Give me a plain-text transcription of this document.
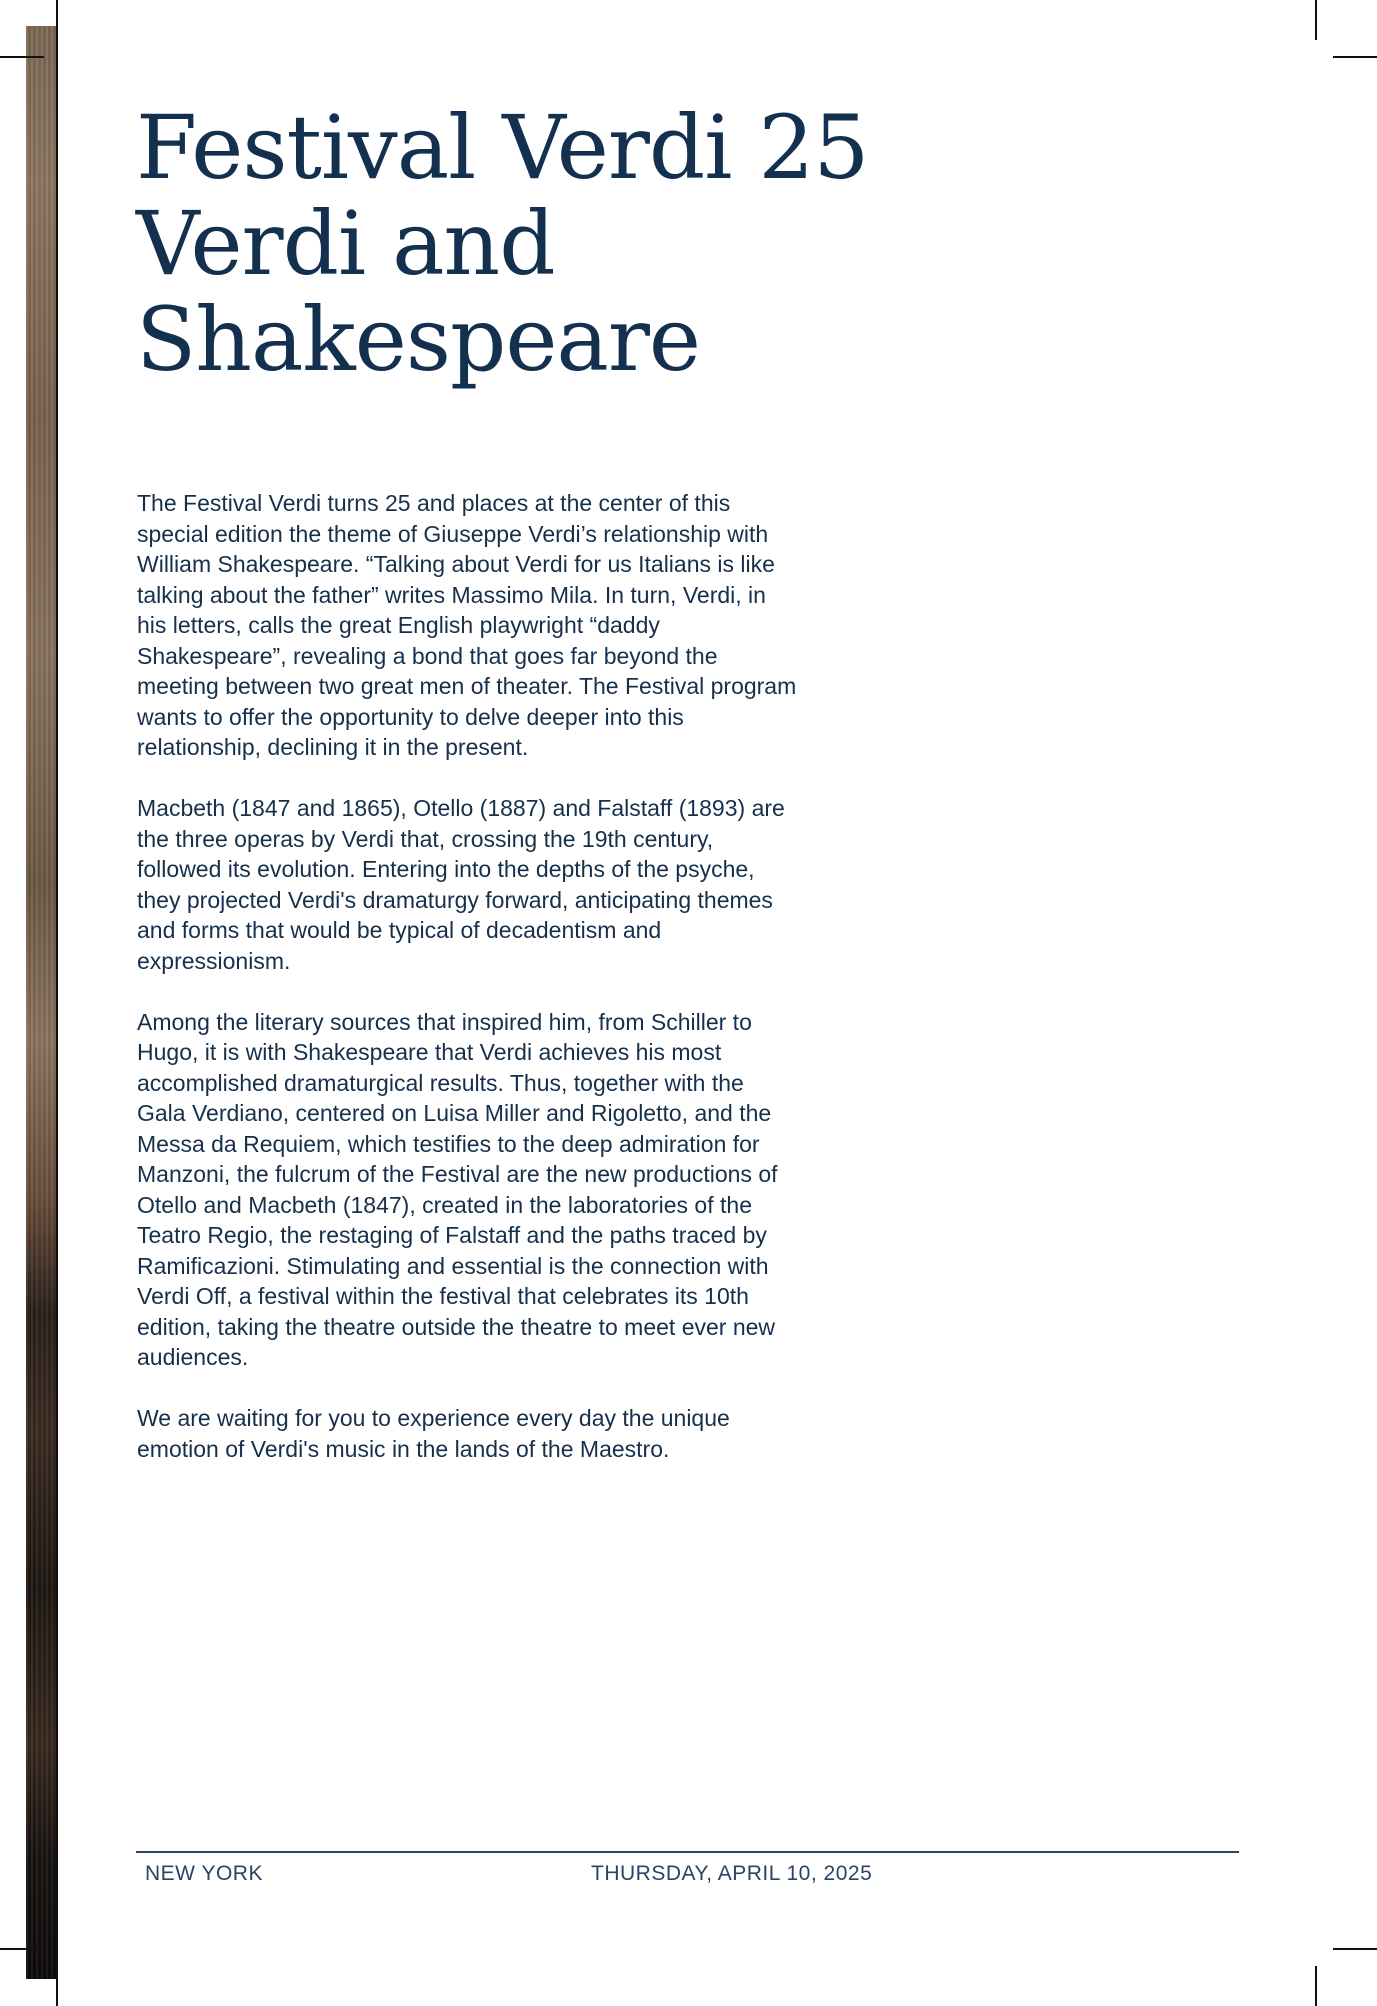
Festival Verdi 25
Verdi and
Shakespeare

The Festival Verdi turns 25 and places at the center of this special edition the theme of Giuseppe Verdi’s relationship with William Shakespeare. “Talking about Verdi for us Italians is like talking about the father” writes Massimo Mila. In turn, Verdi, in his letters, calls the great English playwright “daddy Shakespeare”, revealing a bond that goes far beyond the meeting between two great men of theater. The Festival program wants to offer the opportunity to delve deeper into this relationship, declining it in the present.

Macbeth (1847 and 1865), Otello (1887) and Falstaff (1893) are the three operas by Verdi that, crossing the 19th century, followed its evolution. Entering into the depths of the psyche, they projected Verdi's dramaturgy forward, anticipating themes and forms that would be typical of decadentism and expressionism.

Among the literary sources that inspired him, from Schiller to Hugo, it is with Shakespeare that Verdi achieves his most accomplished dramaturgical results. Thus, together with the Gala Verdiano, centered on Luisa Miller and Rigoletto, and the Messa da Requiem, which testifies to the deep admiration for Manzoni, the fulcrum of the Festival are the new productions of Otello and Macbeth (1847), created in the laboratories of the Teatro Regio, the restaging of Falstaff and the paths traced by Ramificazioni. Stimulating and essential is the connection with Verdi Off, a festival within the festival that celebrates its 10th edition, taking the theatre outside the theatre to meet ever new audiences.

We are waiting for you to experience every day the unique emotion of Verdi's music in the lands of the Maestro.

NEW YORK	THURSDAY, APRIL 10, 2025
